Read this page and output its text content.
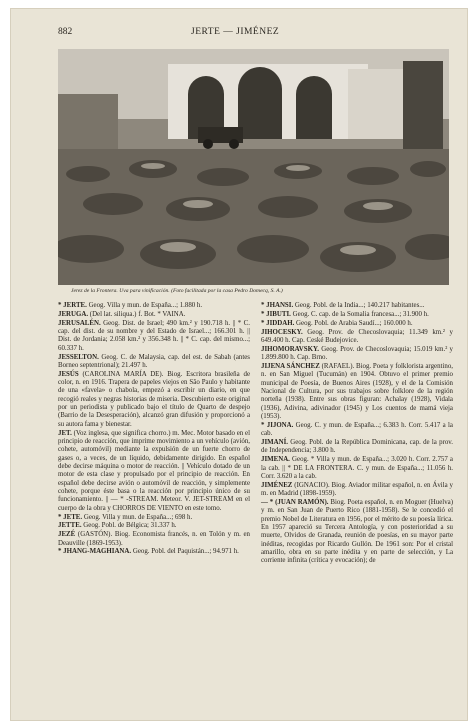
882	JERTE — JIMÉNEZ
Jerez de la Frontera. Uva para vinificación. (Foto facilitada por la casa Pedro Domecq, S. A.)

* JERTE. Geog. Villa y mun. de España...; 1.880 h.

JERUGA. (Del lat. siliqua.) f. Bot. * VAINA.

JERUSALÉN. Geog. Dist. de Israel; 490 km.² y 190.718 h. || * C. cap. del dist. de su nombre y del Estado de Israel...; 166.301 h. || Dist. de Jordania; 2.058 km.² y 356.348 h. || * C. cap. del mismo...; 60.337 h.

JESSELTON. Geog. C. de Malaysia, cap. del est. de Sabah (antes Borneo septentrional); 21.497 h.

JESÚS (CAROLINA MARÍA DE). Biog. Escritora brasileña de color, n. en 1916. Trapera de papeles viejos en São Paulo y habitante de una «favela» o chabola, empezó a escribir un diario, en que recogió reales y negras historias de miseria. Descubierto este original por un periodista y publicado bajo el título de Quarto de despejo (Barrio de la Desesperación), alcanzó gran difusión y proporcionó a su autora fama y bienestar.

JET. (Voz inglesa, que significa chorro.) m. Mec. Motor basado en el principio de reacción, que imprime movimiento a un vehículo (avión, cohete, automóvil) mediante la expulsión de un fuerte chorro de gases o, a veces, de un líquido, debidamente dirigido. En español debe decirse máquina o motor de reacción. || Vehículo dotado de un motor de esta clase y propulsado por el principio de reacción. En español debe decirse avión o automóvil de reacción, y simplemente cohete, porque éste basa o la reacción por principio único de su funcionamiento. || — * -STREAM. Meteor. V. JET-STREAM en el cuerpo de la obra y CHORROS DE VIENTO en este tomo.

* JETE. Geog. Villa y mun. de España...; 698 h.

JETTE. Geog. Pobl. de Bélgica; 31.337 h.

JEZÉ (GASTÓN). Biog. Economista francés, n. en Tolón y m. en Deauville (1869-1953).

* JHANG-MAGHIANA. Geog. Pobl. del Paquistán...; 94.971 h.

* JHANSI. Geog. Pobl. de la India...; 140.217 habitantes...

* JIBUTI. Geog. C. cap. de la Somalia francesa...; 31.900 h.

* JIDDAH. Geog. Pobl. de Arabia Saudí...; 160.000 h.

JIHOCESKY. Geog. Prov. de Checoslovaquia; 11.349 km.² y 649.400 h. Cap. Ceské Budejovice.

JIHOMORAVSKY. Geog. Prov. de Checoslovaquia; 15.019 km.² y 1.899.800 h. Cap. Brno.

JIJENA SÁNCHEZ (RAFAEL). Biog. Poeta y folklorista argentino, n. en San Miguel (Tucumán) en 1904. Obtuvo el primer premio municipal de Poesía, de Buenos Aires (1928), y el de la Comisión Nacional de Cultura, por sus trabajos sobre folklore de la región norteña (1938). Entre sus obras figuran: Achalay (1928), Vidala (1936), Adivina, adivinador (1945) y Los cuentos de mamá vieja (1953).

* JIJONA. Geog. C. y mun. de España...; 6.383 h. Corr. 5.417 a la cab.

JIMANÍ. Geog. Pobl. de la República Dominicana, cap. de la prov. de Independencia; 3.800 h.

JIMENA. Geog. * Villa y mun. de España...; 3.020 h. Corr. 2.757 a la cab. || * DE LA FRONTERA. C. y mun. de España...; 11.056 h. Corr. 3.620 a la cab.

JIMÉNEZ (IGNACIO). Biog. Aviador militar español, n. en Ávila y m. en Madrid (1898-1959).

— * (JUAN RAMÓN). Biog. Poeta español, n. en Moguer (Huelva) y m. en San Juan de Puerto Rico (1881-1958). Se le concedió el premio Nobel de Literatura en 1956, por el mérito de su poesía lírica. En 1957 apareció su Tercera Antología, y con posterioridad a su muerte, Olvidos de Granada, reunión de poesías, en su mayor parte inéditas, recogidas por Ricardo Gullón. De 1961 son: Por el cristal amarillo, obra en su parte inédita y en parte de selección, y La corriente infinita (crítica y evocación); de
